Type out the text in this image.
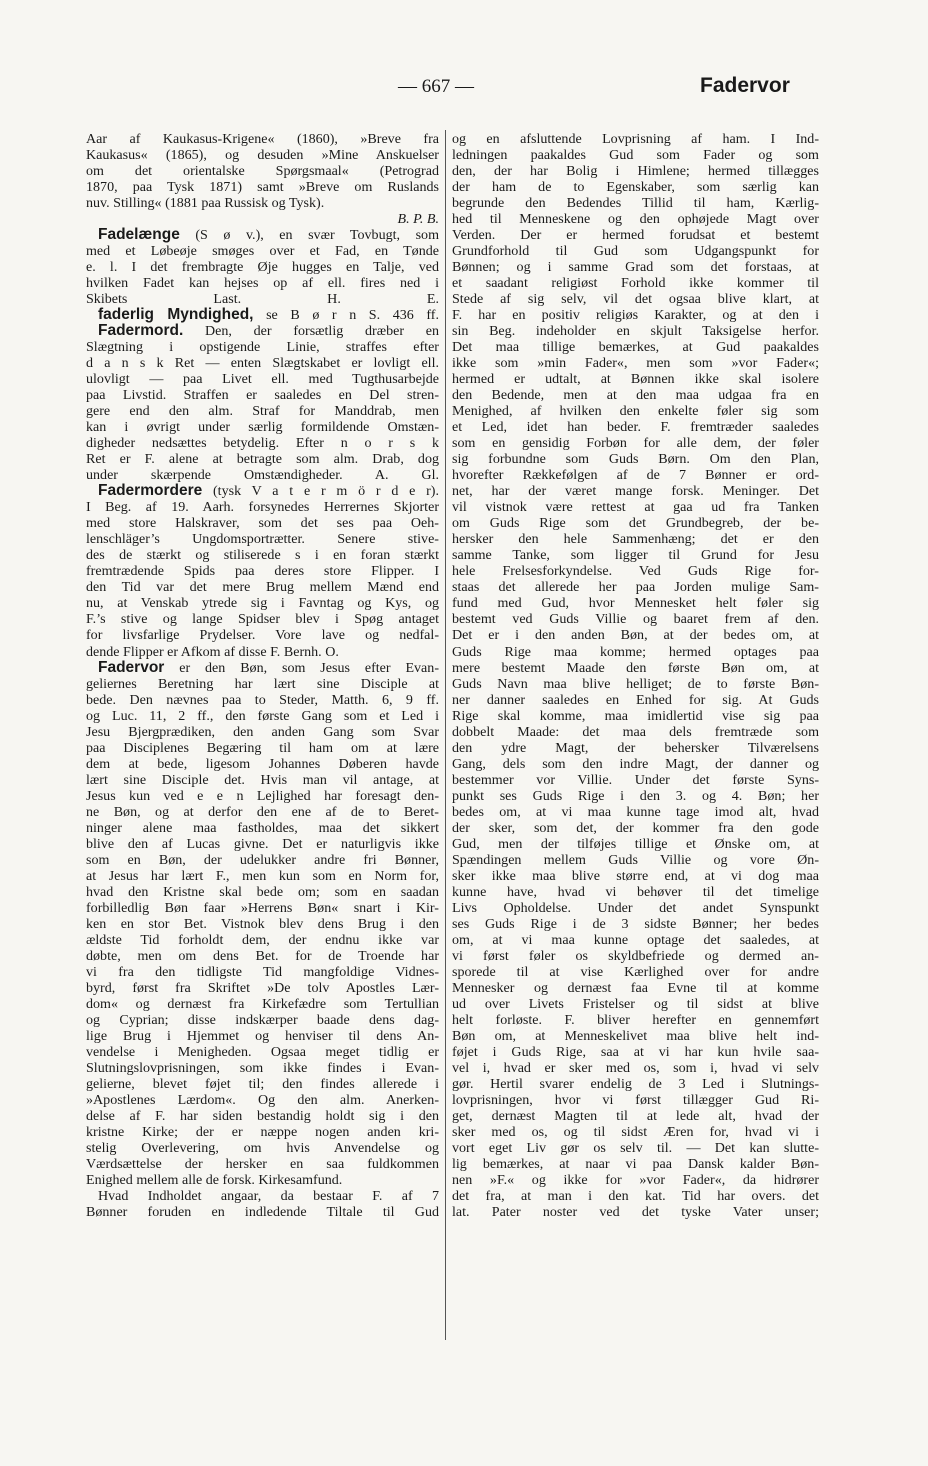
— 667 —	Fadervor
Aar af Kaukasus-Krigene« (1860), »Breve fra
Kaukasus« (1865), og desuden »Mine Anskuelser
om det orientalske Spørgsmaal« (Petrograd
1870, paa Tysk 1871) samt »Breve om Ruslands
nuv. Stilling« (1881 paa Russisk og Tysk).
B. P. B.
Fadelænge (S ø v.), en svær Tovbugt, som
med et Løbeøje smøges over et Fad, en Tønde
e. l. I det frembragte Øje hugges en Talje, ved
hvilken Fadet kan hejses op af ell. fires ned i
Skibets Last. H. E.
faderlig Myndighed, se B ø r n S. 436 ff.
Fadermord. Den, der forsætlig dræber en
Slægtning i opstigende Linie, straffes efter
d a n s k Ret — enten Slægtskabet er lovligt ell.
ulovligt — paa Livet ell. med Tugthusarbejde
paa Livstid. Straffen er saaledes en Del stren-
gere end den alm. Straf for Manddrab, men
kan i øvrigt under særlig formildende Omstæn-
digheder nedsættes betydelig. Efter n o r s k
Ret er F. alene at betragte som alm. Drab, dog
under skærpende Omstændigheder. A. Gl.
Fadermordere (tysk V a t e r m ö r d e r).
I Beg. af 19. Aarh. forsynedes Herrernes Skjorter
med store Halskraver, som det ses paa Oeh-
lenschläger’s Ungdomsportrætter. Senere stive-
des de stærkt og stiliserede s i en foran stærkt
fremtrædende Spids paa deres store Flipper. I
den Tid var det mere Brug mellem Mænd end
nu, at Venskab ytrede sig i Favntag og Kys, og
F.’s stive og lange Spidser blev i Spøg antaget
for livsfarlige Prydelser. Vore lave og nedfal-
dende Flipper er Afkom af disse F. Bernh. O.
Fadervor er den Bøn, som Jesus efter Evan-
geliernes Beretning har lært sine Disciple at
bede. Den nævnes paa to Steder, Matth. 6, 9 ff.
og Luc. 11, 2 ff., den første Gang som et Led i
Jesu Bjergprædiken, den anden Gang som Svar
paa Disciplenes Begæring til ham om at lære
dem at bede, ligesom Johannes Døberen havde
lært sine Disciple det. Hvis man vil antage, at
Jesus kun ved e e n Lejlighed har foresagt den-
ne Bøn, og at derfor den ene af de to Beret-
ninger alene maa fastholdes, maa det sikkert
blive den af Lucas givne. Det er naturligvis ikke
som en Bøn, der udelukker andre fri Bønner,
at Jesus har lært F., men kun som en Norm for,
hvad den Kristne skal bede om; som en saadan
forbilledlig Bøn faar »Herrens Bøn« snart i Kir-
ken en stor Bet. Vistnok blev dens Brug i den
ældste Tid forholdt dem, der endnu ikke var
døbte, men om dens Bet. for de Troende har
vi fra den tidligste Tid mangfoldige Vidnes-
byrd, først fra Skriftet »De tolv Apostles Lær-
dom« og dernæst fra Kirkefædre som Tertullian
og Cyprian; disse indskærper baade dens dag-
lige Brug i Hjemmet og henviser til dens An-
vendelse i Menigheden. Ogsaa meget tidlig er
Slutningslovprisningen, som ikke findes i Evan-
gelierne, blevet føjet til; den findes allerede i
»Apostlenes Lærdom«. Og den alm. Anerken-
delse af F. har siden bestandig holdt sig i den
kristne Kirke; der er næppe nogen anden kri-
stelig Overlevering, om hvis Anvendelse og
Værdsættelse der hersker en saa fuldkommen
Enighed mellem alle de forsk. Kirkesamfund.
Hvad Indholdet angaar, da bestaar F. af 7
Bønner foruden en indledende Tiltale til Gud
og en afsluttende Lovprisning af ham. I Ind-
ledningen paakaldes Gud som Fader og som
den, der har Bolig i Himlene; hermed tillægges
der ham de to Egenskaber, som særlig kan
begrunde den Bedendes Tillid til ham, Kærlig-
hed til Menneskene og den ophøjede Magt over
Verden. Der er hermed forudsat et bestemt
Grundforhold til Gud som Udgangspunkt for
Bønnen; og i samme Grad som det forstaas, at
et saadant religiøst Forhold ikke kommer til
Stede af sig selv, vil det ogsaa blive klart, at
F. har en positiv religiøs Karakter, og at den i
sin Beg. indeholder en skjult Taksigelse herfor.
Det maa tillige bemærkes, at Gud paakaldes
ikke som »min Fader«, men som »vor Fader«;
hermed er udtalt, at Bønnen ikke skal isolere
den Bedende, men at den maa udgaa fra en
Menighed, af hvilken den enkelte føler sig som
et Led, idet han beder. F. fremtræder saaledes
som en gensidig Forbøn for alle dem, der føler
sig forbundne som Guds Børn. Om den Plan,
hvorefter Rækkefølgen af de 7 Bønner er ord-
net, har der været mange forsk. Meninger. Det
vil vistnok være rettest at gaa ud fra Tanken
om Guds Rige som det Grundbegreb, der be-
hersker den hele Sammenhæng; det er den
samme Tanke, som ligger til Grund for Jesu
hele Frelsesforkyndelse. Ved Guds Rige for-
staas det allerede her paa Jorden mulige Sam-
fund med Gud, hvor Mennesket helt føler sig
bestemt ved Guds Villie og baaret frem af den.
Det er i den anden Bøn, at der bedes om, at
Guds Rige maa komme; hermed optages paa
mere bestemt Maade den første Bøn om, at
Guds Navn maa blive helliget; de to første Bøn-
ner danner saaledes en Enhed for sig. At Guds
Rige skal komme, maa imidlertid vise sig paa
dobbelt Maade: det maa dels fremtræde som
den ydre Magt, der behersker Tilværelsens
Gang, dels som den indre Magt, der danner og
bestemmer vor Villie. Under det første Syns-
punkt ses Guds Rige i den 3. og 4. Bøn; her
bedes om, at vi maa kunne tage imod alt, hvad
der sker, som det, der kommer fra den gode
Gud, men der tilføjes tillige et Ønske om, at
Spændingen mellem Guds Villie og vore Øn-
sker ikke maa blive større end, at vi dog maa
kunne have, hvad vi behøver til det timelige
Livs Opholdelse. Under det andet Synspunkt
ses Guds Rige i de 3 sidste Bønner; her bedes
om, at vi maa kunne optage det saaledes, at
vi først føler os skyldbefriede og dermed an-
sporede til at vise Kærlighed over for andre
Mennesker og dernæst faa Evne til at komme
ud over Livets Fristelser og til sidst at blive
helt forløste. F. bliver herefter en gennemført
Bøn om, at Menneskelivet maa blive helt ind-
føjet i Guds Rige, saa at vi har kun hvile saa-
vel i, hvad er sker med os, som i, hvad vi selv
gør. Hertil svarer endelig de 3 Led i Slutnings-
lovprisningen, hvor vi først tillægger Gud Ri-
get, dernæst Magten til at lede alt, hvad der
sker med os, og til sidst Æren for, hvad vi i
vort eget Liv gør os selv til. — Det kan slutte-
lig bemærkes, at naar vi paa Dansk kalder Bøn-
nen »F.« og ikke for »vor Fader«, da hidrører
det fra, at man i den kat. Tid har overs. det
lat. Pater noster ved det tyske Vater unser;
